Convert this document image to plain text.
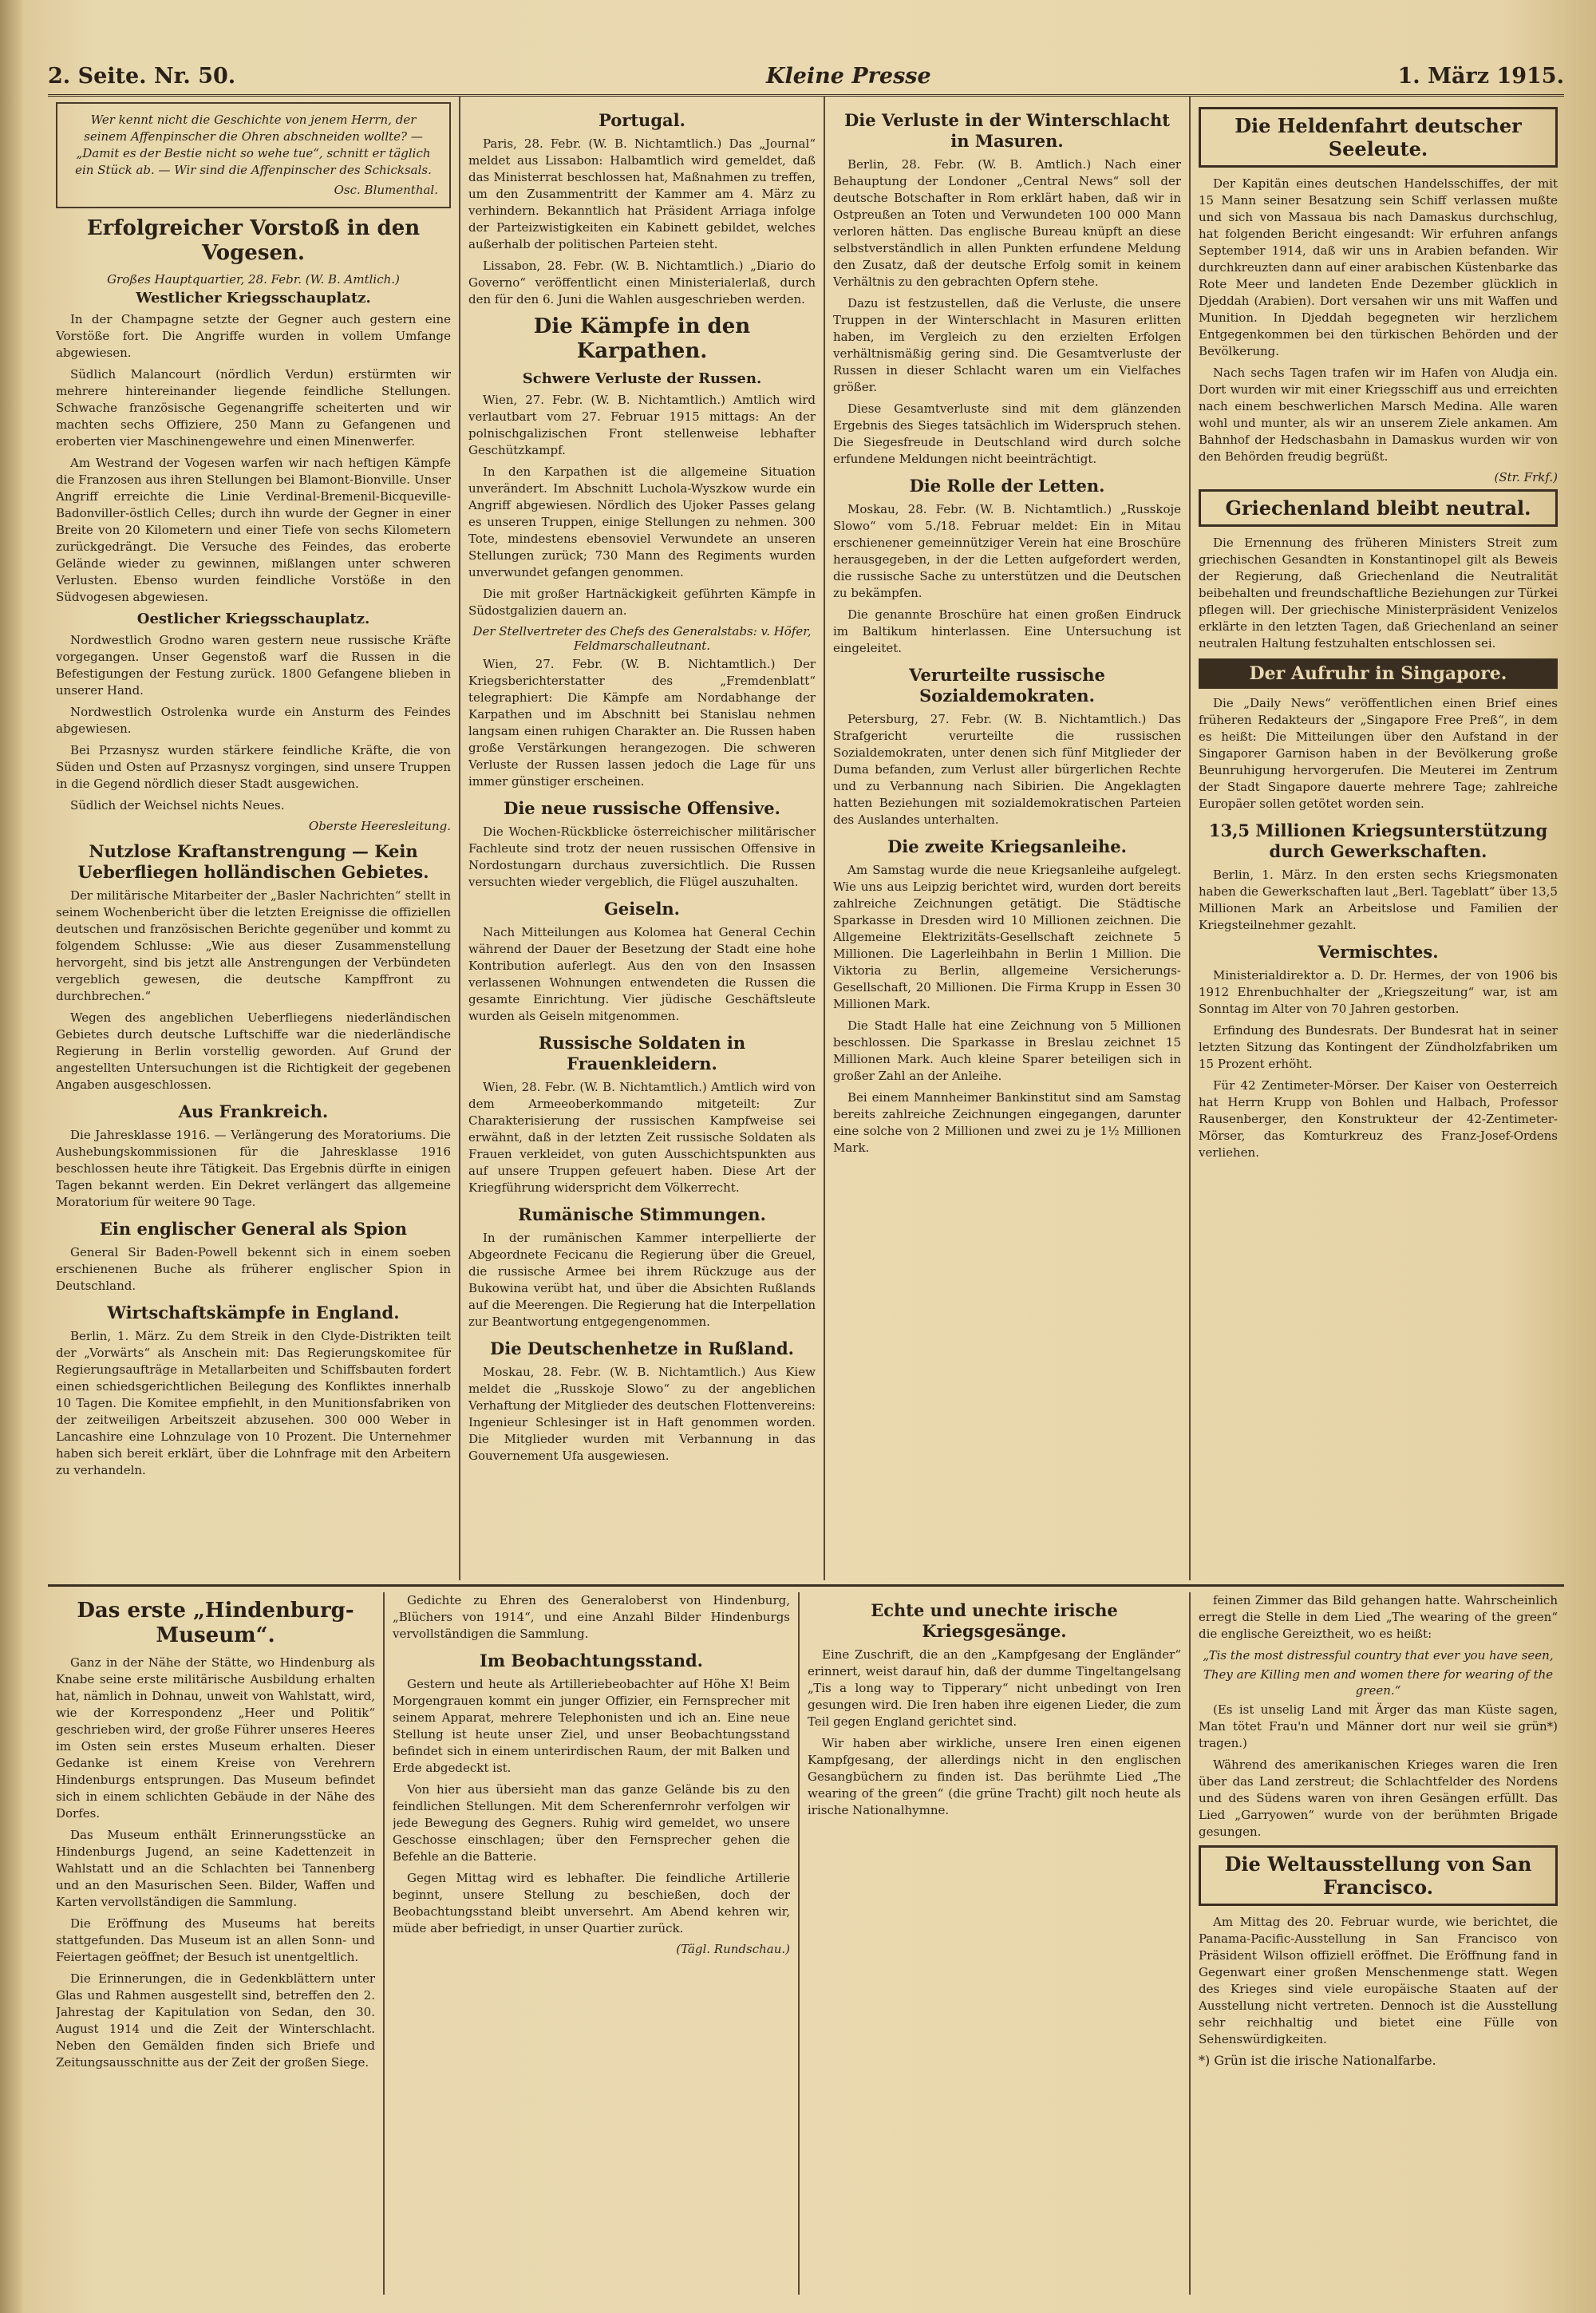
2. Seite. Nr. 50.	Kleine Presse	1. März 1915.
Wer kennt nicht die Geschichte von jenem Herrn, der seinem Affenpinscher die Ohren abschneiden wollte? — „Damit es der Bestie nicht so wehe tue“, schnitt er täglich ein Stück ab. — Wir sind die Affenpinscher des Schicksals.
Osc. Blumenthal.
Erfolgreicher Vorstoß in den Vogesen.
Großes Hauptquartier, 28. Febr. (W. B. Amtlich.)
Westlicher Kriegsschauplatz.

In der Champagne setzte der Gegner auch gestern eine Vorstöße fort. Die Angriffe wurden in vollem Umfange abgewiesen.

Südlich Malancourt (nördlich Verdun) erstürmten wir mehrere hintereinander liegende feindliche Stellungen. Schwache französische Gegenangriffe scheiterten und wir machten sechs Offiziere, 250 Mann zu Gefangenen und eroberten vier Maschinengewehre und einen Minenwerfer.

Am Westrand der Vogesen warfen wir nach heftigen Kämpfe die Franzosen aus ihren Stellungen bei Blamont-Bionville. Unser Angriff erreichte die Linie Verdinal-Bremenil-Bicqueville-Badonviller-östlich Celles; durch ihn wurde der Gegner in einer Breite von 20 Kilometern und einer Tiefe von sechs Kilometern zurückgedrängt. Die Versuche des Feindes, das eroberte Gelände wieder zu gewinnen, mißlangen unter schweren Verlusten. Ebenso wurden feindliche Vorstöße in den Südvogesen abgewiesen.

Oestlicher Kriegsschauplatz.

Nordwestlich Grodno waren gestern neue russische Kräfte vorgegangen. Unser Gegenstoß warf die Russen in die Befestigungen der Festung zurück. 1800 Gefangene blieben in unserer Hand.

Nordwestlich Ostrolenka wurde ein Ansturm des Feindes abgewiesen.

Bei Przasnysz wurden stärkere feindliche Kräfte, die von Süden und Osten auf Przasnysz vorgingen, sind unsere Truppen in die Gegend nördlich dieser Stadt ausgewichen.

Südlich der Weichsel nichts Neues.

Oberste Heeresleitung.
Nutzlose Kraftanstrengung — Kein Ueberfliegen holländischen Gebietes.

Der militärische Mitarbeiter der „Basler Nachrichten“ stellt in seinem Wochenbericht über die letzten Ereignisse die offiziellen deutschen und französischen Berichte gegenüber und kommt zu folgendem Schlusse: „Wie aus dieser Zusammenstellung hervorgeht, sind bis jetzt alle Anstrengungen der Verbündeten vergeblich gewesen, die deutsche Kampffront zu durchbrechen.“

Wegen des angeblichen Ueberfliegens niederländischen Gebietes durch deutsche Luftschiffe war die niederländische Regierung in Berlin vorstellig geworden. Auf Grund der angestellten Untersuchungen ist die Richtigkeit der gegebenen Angaben ausgeschlossen.

Aus Frankreich.

Die Jahresklasse 1916. — Verlängerung des Moratoriums. Die Aushebungskommissionen für die Jahresklasse 1916 beschlossen heute ihre Tätigkeit. Das Ergebnis dürfte in einigen Tagen bekannt werden. Ein Dekret verlängert das allgemeine Moratorium für weitere 90 Tage.

Ein englischer General als Spion

General Sir Baden-Powell bekennt sich in einem soeben erschienenen Buche als früherer englischer Spion in Deutschland.

Wirtschaftskämpfe in England.

Berlin, 1. März. Zu dem Streik in den Clyde-Distrikten teilt der „Vorwärts“ als Anschein mit: Das Regierungskomitee für Regierungsaufträge in Metallarbeiten und Schiffsbauten fordert einen schiedsgerichtlichen Beilegung des Konfliktes innerhalb 10 Tagen. Die Komitee empfiehlt, in den Munitionsfabriken von der zeitweiligen Arbeitszeit abzusehen. 300 000 Weber in Lancashire eine Lohnzulage von 10 Prozent. Die Unternehmer haben sich bereit erklärt, über die Lohnfrage mit den Arbeitern zu verhandeln.

Portugal.

Paris, 28. Febr. (W. B. Nichtamtlich.) Das „Journal“ meldet aus Lissabon: Halbamtlich wird gemeldet, daß das Ministerrat beschlossen hat, Maßnahmen zu treffen, um den Zusammentritt der Kammer am 4. März zu verhindern. Bekanntlich hat Präsident Arriaga infolge der Parteizwistigkeiten ein Kabinett gebildet, welches außerhalb der politischen Parteien steht.

Lissabon, 28. Febr. (W. B. Nichtamtlich.) „Diario do Governo“ veröffentlicht einen Ministerialerlaß, durch den für den 6. Juni die Wahlen ausgeschrieben werden.

Die Kämpfe in den Karpathen.
Schwere Verluste der Russen.

Wien, 27. Febr. (W. B. Nichtamtlich.) Amtlich wird verlautbart vom 27. Februar 1915 mittags: An der polnischgalizischen Front stellenweise lebhafter Geschützkampf.

In den Karpathen ist die allgemeine Situation unverändert. Im Abschnitt Luchola-Wyszkow wurde ein Angriff abgewiesen. Nördlich des Ujoker Passes gelang es unseren Truppen, einige Stellungen zu nehmen. 300 Tote, mindestens ebensoviel Verwundete an unseren Stellungen zurück; 730 Mann des Regiments wurden unverwundet gefangen genommen.

Die mit großer Hartnäckigkeit geführten Kämpfe in Südostgalizien dauern an.

Der Stellvertreter des Chefs des Generalstabs: v. Höfer, Feldmarschalleutnant.

Wien, 27. Febr. (W. B. Nichtamtlich.) Der Kriegsberichterstatter des „Fremdenblatt“ telegraphiert: Die Kämpfe am Nordabhange der Karpathen und im Abschnitt bei Stanislau nehmen langsam einen ruhigen Charakter an. Die Russen haben große Verstärkungen herangezogen. Die schweren Verluste der Russen lassen jedoch die Lage für uns immer günstiger erscheinen.

Die neue russische Offensive.

Die Wochen-Rückblicke österreichischer militärischer Fachleute sind trotz der neuen russischen Offensive in Nordostungarn durchaus zuversichtlich. Die Russen versuchten wieder vergeblich, die Flügel auszuhalten.

Geiseln.

Nach Mitteilungen aus Kolomea hat General Cechin während der Dauer der Besetzung der Stadt eine hohe Kontribution auferlegt. Aus den von den Insassen verlassenen Wohnungen entwendeten die Russen die gesamte Einrichtung. Vier jüdische Geschäftsleute wurden als Geiseln mitgenommen.

Russische Soldaten in Frauenkleidern.

Wien, 28. Febr. (W. B. Nichtamtlich.) Amtlich wird von dem Armeeoberkommando mitgeteilt: Zur Charakterisierung der russischen Kampfweise sei erwähnt, daß in der letzten Zeit russische Soldaten als Frauen verkleidet, von guten Ausschichtspunkten aus auf unsere Truppen gefeuert haben. Diese Art der Kriegführung widerspricht dem Völkerrecht.

Rumänische Stimmungen.

In der rumänischen Kammer interpellierte der Abgeordnete Fecicanu die Regierung über die Greuel, die russische Armee bei ihrem Rückzuge aus der Bukowina verübt hat, und über die Absichten Rußlands auf die Meerengen. Die Regierung hat die Interpellation zur Beantwortung entgegengenommen.

Die Deutschenhetze in Rußland.

Moskau, 28. Febr. (W. B. Nichtamtlich.) Aus Kiew meldet die „Russkoje Slowo“ zu der angeblichen Verhaftung der Mitglieder des deutschen Flottenvereins: Ingenieur Schlesinger ist in Haft genommen worden. Die Mitglieder wurden mit Verbannung in das Gouvernement Ufa ausgewiesen.

Die Verluste in der Winterschlacht in Masuren.

Berlin, 28. Febr. (W. B. Amtlich.) Nach einer Behauptung der Londoner „Central News“ soll der deutsche Botschafter in Rom erklärt haben, daß wir in Ostpreußen an Toten und Verwundeten 100 000 Mann verloren hätten. Das englische Bureau knüpft an diese selbstverständlich in allen Punkten erfundene Meldung den Zusatz, daß der deutsche Erfolg somit in keinem Verhältnis zu den gebrachten Opfern stehe.

Dazu ist festzustellen, daß die Verluste, die unsere Truppen in der Winterschlacht in Masuren erlitten haben, im Vergleich zu den erzielten Erfolgen verhältnismäßig gering sind. Die Gesamtverluste der Russen in dieser Schlacht waren um ein Vielfaches größer.

Diese Gesamtverluste sind mit dem glänzenden Ergebnis des Sieges tatsächlich im Widerspruch stehen. Die Siegesfreude in Deutschland wird durch solche erfundene Meldungen nicht beeinträchtigt.

Die Rolle der Letten.

Moskau, 28. Febr. (W. B. Nichtamtlich.) „Russkoje Slowo“ vom 5./18. Februar meldet: Ein in Mitau erschienener gemeinnütziger Verein hat eine Broschüre herausgegeben, in der die Letten aufgefordert werden, die russische Sache zu unterstützen und die Deutschen zu bekämpfen.

Die genannte Broschüre hat einen großen Eindruck im Baltikum hinterlassen. Eine Untersuchung ist eingeleitet.

Verurteilte russische Sozialdemokraten.

Petersburg, 27. Febr. (W. B. Nichtamtlich.) Das Strafgericht verurteilte die russischen Sozialdemokraten, unter denen sich fünf Mitglieder der Duma befanden, zum Verlust aller bürgerlichen Rechte und zu Verbannung nach Sibirien. Die Angeklagten hatten Beziehungen mit sozialdemokratischen Parteien des Auslandes unterhalten.

Die zweite Kriegsanleihe.

Am Samstag wurde die neue Kriegsanleihe aufgelegt. Wie uns aus Leipzig berichtet wird, wurden dort bereits zahlreiche Zeichnungen getätigt. Die Städtische Sparkasse in Dresden wird 10 Millionen zeichnen. Die Allgemeine Elektrizitäts-Gesellschaft zeichnete 5 Millionen. Die Lagerleihbahn in Berlin 1 Million. Die Viktoria zu Berlin, allgemeine Versicherungs-Gesellschaft, 20 Millionen. Die Firma Krupp in Essen 30 Millionen Mark.

Die Stadt Halle hat eine Zeichnung von 5 Millionen beschlossen. Die Sparkasse in Breslau zeichnet 15 Millionen Mark. Auch kleine Sparer beteiligen sich in großer Zahl an der Anleihe.

Bei einem Mannheimer Bankinstitut sind am Samstag bereits zahlreiche Zeichnungen eingegangen, darunter eine solche von 2 Millionen und zwei zu je 1½ Millionen Mark.

Die Heldenfahrt deutscher Seeleute.

Der Kapitän eines deutschen Handelsschiffes, der mit 15 Mann seiner Besatzung sein Schiff verlassen mußte und sich von Massaua bis nach Damaskus durchschlug, hat folgenden Bericht eingesandt: Wir erfuhren anfangs September 1914, daß wir uns in Arabien befanden. Wir durchkreuzten dann auf einer arabischen Küstenbarke das Rote Meer und landeten Ende Dezember glücklich in Djeddah (Arabien). Dort versahen wir uns mit Waffen und Munition. In Djeddah begegneten wir herzlichem Entgegenkommen bei den türkischen Behörden und der Bevölkerung.

Nach sechs Tagen trafen wir im Hafen von Aludja ein. Dort wurden wir mit einer Kriegsschiff aus und erreichten nach einem beschwerlichen Marsch Medina. Alle waren wohl und munter, als wir an unserem Ziele ankamen. Am Bahnhof der Hedschasbahn in Damaskus wurden wir von den Behörden freudig begrüßt.

(Str. Frkf.)
Griechenland bleibt neutral.

Die Ernennung des früheren Ministers Streit zum griechischen Gesandten in Konstantinopel gilt als Beweis der Regierung, daß Griechenland die Neutralität beibehalten und freundschaftliche Beziehungen zur Türkei pflegen will. Der griechische Ministerpräsident Venizelos erklärte in den letzten Tagen, daß Griechenland an seiner neutralen Haltung festzuhalten entschlossen sei.

Der Aufruhr in Singapore.

Die „Daily News“ veröffentlichen einen Brief eines früheren Redakteurs der „Singapore Free Preß“, in dem es heißt: Die Mitteilungen über den Aufstand in der Singaporer Garnison haben in der Bevölkerung große Beunruhigung hervorgerufen. Die Meuterei im Zentrum der Stadt Singapore dauerte mehrere Tage; zahlreiche Europäer sollen getötet worden sein.

13,5 Millionen Kriegsunterstützung durch Gewerkschaften.

Berlin, 1. März. In den ersten sechs Kriegsmonaten haben die Gewerkschaften laut „Berl. Tageblatt“ über 13,5 Millionen Mark an Arbeitslose und Familien der Kriegsteilnehmer gezahlt.

Vermischtes.

Ministerialdirektor a. D. Dr. Hermes, der von 1906 bis 1912 Ehrenbuchhalter der „Kriegszeitung“ war, ist am Sonntag im Alter von 70 Jahren gestorben.

Erfindung des Bundesrats. Der Bundesrat hat in seiner letzten Sitzung das Kontingent der Zündholzfabriken um 15 Prozent erhöht.

Für 42 Zentimeter-Mörser. Der Kaiser von Oesterreich hat Herrn Krupp von Bohlen und Halbach, Professor Rausenberger, den Konstrukteur der 42-Zentimeter-Mörser, das Komturkreuz des Franz-Josef-Ordens verliehen.

Das erste „Hindenburg-Museum“.

Ganz in der Nähe der Stätte, wo Hindenburg als Knabe seine erste militärische Ausbildung erhalten hat, nämlich in Dohnau, unweit von Wahlstatt, wird, wie der Korrespondenz „Heer und Politik“ geschrieben wird, der große Führer unseres Heeres im Osten sein erstes Museum erhalten. Dieser Gedanke ist einem Kreise von Verehrern Hindenburgs entsprungen. Das Museum befindet sich in einem schlichten Gebäude in der Nähe des Dorfes.

Das Museum enthält Erinnerungsstücke an Hindenburgs Jugend, an seine Kadettenzeit in Wahlstatt und an die Schlachten bei Tannenberg und an den Masurischen Seen. Bilder, Waffen und Karten vervollständigen die Sammlung.

Die Eröffnung des Museums hat bereits stattgefunden. Das Museum ist an allen Sonn- und Feiertagen geöffnet; der Besuch ist unentgeltlich.

Die Erinnerungen, die in Gedenkblättern unter Glas und Rahmen ausgestellt sind, betreffen den 2. Jahrestag der Kapitulation von Sedan, den 30. August 1914 und die Zeit der Winterschlacht. Neben den Gemälden finden sich Briefe und Zeitungsausschnitte aus der Zeit der großen Siege.

Gedichte zu Ehren des Generaloberst von Hindenburg, „Blüchers von 1914“, und eine Anzahl Bilder Hindenburgs vervollständigen die Sammlung.

Im Beobachtungsstand.

Gestern und heute als Artilleriebeobachter auf Höhe X! Beim Morgengrauen kommt ein junger Offizier, ein Fernsprecher mit seinem Apparat, mehrere Telephonisten und ich an. Eine neue Stellung ist heute unser Ziel, und unser Beobachtungsstand befindet sich in einem unterirdischen Raum, der mit Balken und Erde abgedeckt ist.

Von hier aus übersieht man das ganze Gelände bis zu den feindlichen Stellungen. Mit dem Scherenfernrohr verfolgen wir jede Bewegung des Gegners. Ruhig wird gemeldet, wo unsere Geschosse einschlagen; über den Fernsprecher gehen die Befehle an die Batterie.

Gegen Mittag wird es lebhafter. Die feindliche Artillerie beginnt, unsere Stellung zu beschießen, doch der Beobachtungsstand bleibt unversehrt. Am Abend kehren wir, müde aber befriedigt, in unser Quartier zurück.

(Tägl. Rundschau.)
Echte und unechte irische Kriegsgesänge.

Eine Zuschrift, die an den „Kampfgesang der Engländer“ erinnert, weist darauf hin, daß der dumme Tingeltangelsang „Tis a long way to Tipperary“ nicht unbedingt von Iren gesungen wird. Die Iren haben ihre eigenen Lieder, die zum Teil gegen England gerichtet sind.

Wir haben aber wirkliche, unsere Iren einen eigenen Kampfgesang, der allerdings nicht in den englischen Gesangbüchern zu finden ist. Das berühmte Lied „The wearing of the green“ (die grüne Tracht) gilt noch heute als irische Nationalhymne.

feinen Zimmer das Bild gehangen hatte. Wahrscheinlich erregt die Stelle in dem Lied „The wearing of the green“ die englische Gereiztheit, wo es heißt:

„Tis the most distressful country that ever you have seen,
They are Killing men and women there for wearing of the green.“

(Es ist unselig Land mit Ärger das man Küste sagen, Man tötet Frau'n und Männer dort nur weil sie grün*) tragen.)

Während des amerikanischen Krieges waren die Iren über das Land zerstreut; die Schlachtfelder des Nordens und des Südens waren von ihren Gesängen erfüllt. Das Lied „Garryowen“ wurde von der berühmten Brigade gesungen.

Die Weltausstellung von San Francisco.

Am Mittag des 20. Februar wurde, wie berichtet, die Panama-Pacific-Ausstellung in San Francisco von Präsident Wilson offiziell eröffnet. Die Eröffnung fand in Gegenwart einer großen Menschenmenge statt. Wegen des Krieges sind viele europäische Staaten auf der Ausstellung nicht vertreten. Dennoch ist die Ausstellung sehr reichhaltig und bietet eine Fülle von Sehenswürdigkeiten.

*) Grün ist die irische Nationalfarbe.
